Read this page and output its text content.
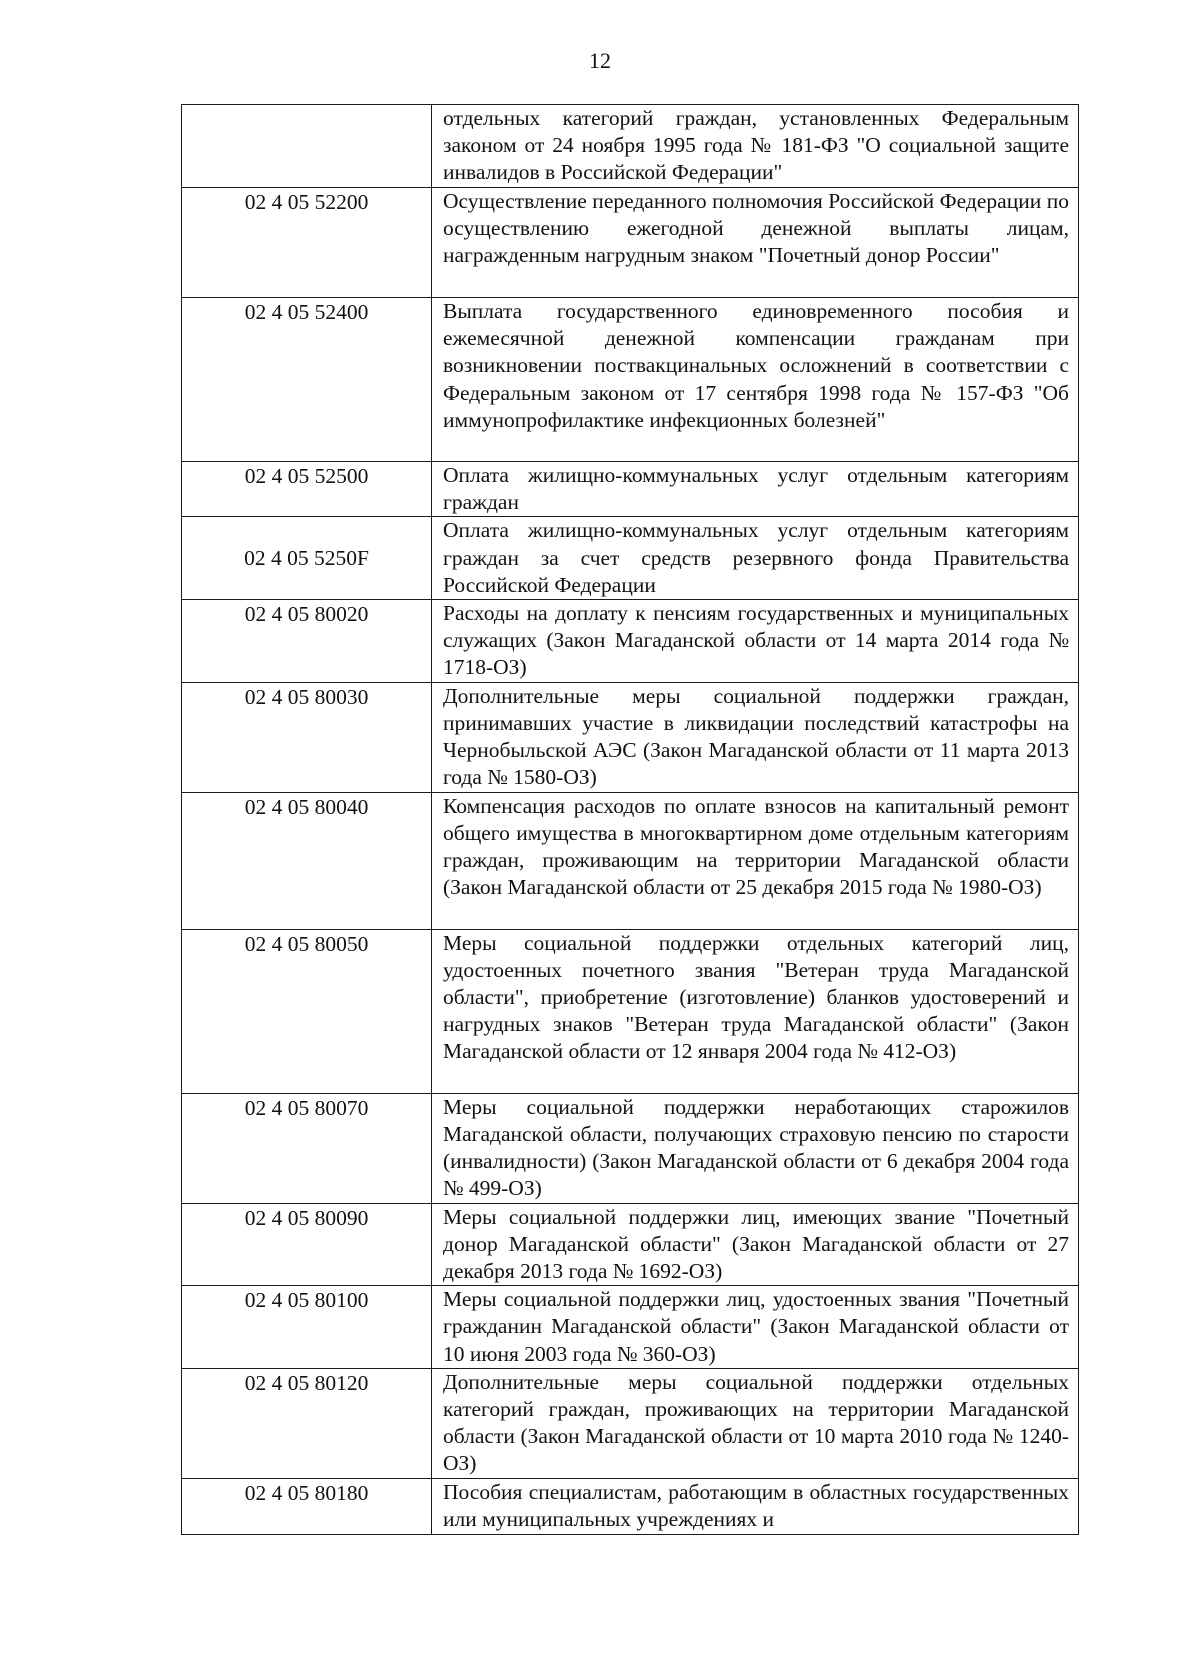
12
	отдельных категорий граждан, установленных Федеральным законом от 24 ноября 1995 года № 181-ФЗ "О социальной защите инвалидов в Российской Федерации"
02 4 05 52200	Осуществление переданного полномочия Российской Федерации по осуществлению ежегодной денежной выплаты лицам, награжденным нагрудным знаком "Почетный донор России"
02 4 05 52400	Выплата государственного единовременного пособия и ежемесячной денежной компенсации гражданам при возникновении поствакцинальных осложнений в соответствии с Федеральным законом от 17 сентября 1998 года № 157-ФЗ "Об иммунопрофилактике инфекционных болезней"
02 4 05 52500	Оплата жилищно-коммунальных услуг отдельным категориям граждан
02 4 05 5250F	Оплата жилищно-коммунальных услуг отдельным категориям граждан за счет средств резервного фонда Правительства Российской Федерации
02 4 05 80020	Расходы на доплату к пенсиям государственных и муниципальных служащих (Закон Магаданской области от 14 марта 2014 года № 1718-ОЗ)
02 4 05 80030	Дополнительные меры социальной поддержки граждан, принимавших участие в ликвидации последствий катастрофы на Чернобыльской АЭС (Закон Магаданской области от 11 марта 2013 года № 1580-ОЗ)
02 4 05 80040	Компенсация расходов по оплате взносов на капитальный ремонт общего имущества в многоквартирном доме отдельным категориям граждан, проживающим на территории Магаданской области (Закон Магаданской области от 25 декабря 2015 года № 1980-ОЗ)
02 4 05 80050	Меры социальной поддержки отдельных категорий лиц, удостоенных почетного звания "Ветеран труда Магаданской области", приобретение (изготовление) бланков удостоверений и нагрудных знаков "Ветеран труда Магаданской области" (Закон Магаданской области от 12 января 2004 года № 412-ОЗ)
02 4 05 80070	Меры социальной поддержки неработающих старожилов Магаданской области, получающих страховую пенсию по старости (инвалидности) (Закон Магаданской области от 6 декабря 2004 года № 499-ОЗ)
02 4 05 80090	Меры социальной поддержки лиц, имеющих звание "Почетный донор Магаданской области" (Закон Магаданской области от 27 декабря 2013 года № 1692-ОЗ)
02 4 05 80100	Меры социальной поддержки лиц, удостоенных звания "Почетный гражданин Магаданской области" (Закон Магаданской области от 10 июня 2003 года № 360-ОЗ)
02 4 05 80120	Дополнительные меры социальной поддержки отдельных категорий граждан, проживающих на территории Магаданской области (Закон Магаданской области от 10 марта 2010 года № 1240-ОЗ)
02 4 05 80180	Пособия специалистам, работающим в областных государственных или муниципальных учреждениях и
